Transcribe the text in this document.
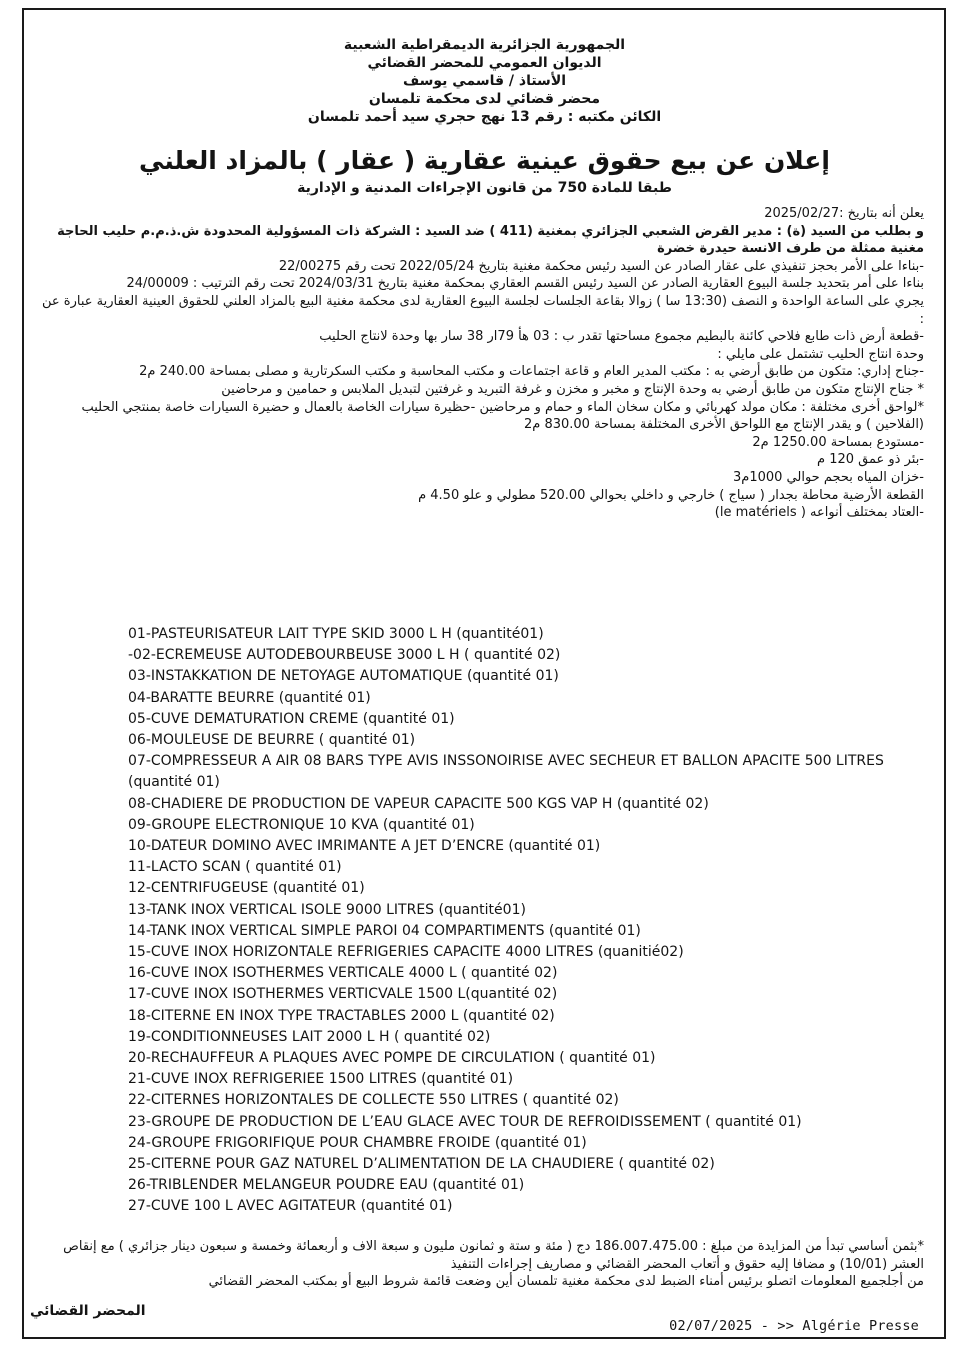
الجمهورية الجزائرية الديمقراطية الشعبية
الديوان العمومي للمحضر القضائي
الأستاذ / قاسمي يوسف
محضر قضائي لدى محكمة تلمسان
الكائن مكتبه : رقم 13 نهج حجري سيد أحمد تلمسان
إعلان عن بيع حقوق عينية عقارية ( عقار ) بالمزاد العلني
طبقا للمادة 750 من قانون الإجراءات المدنية و الإدارية

يعلن أنه بتاريخ :2025/02/27

و بطلب من السيد (ة) : مدير القرض الشعبي الجزائري بمغنية (411 ) ضد السيد : الشركة ذات المسؤولية المحدودة ش.ذ.م.م حليب الحاجة مغنية ممثلة من طرف الانسة حيدرة خضرة

-بناءا على الأمر بحجز تنفيذي على عقار الصادر عن السيد رئيس محكمة مغنية بتاريخ 2022/05/24 تحت رقم 22/00275

بناءا على أمر بتحديد جلسة البيوع العقارية الصادر عن السيد رئيس القسم العقاري بمحكمة مغنية بتاريخ 2024/03/31 تحت رقم الترتيب : 24/00009

يجري على الساعة الواحدة و النصف (13:30 سا ) زوالا بقاعة الجلسات لجلسة البيوع العقارية لدى محكمة مغنية البيع بالمزاد العلني للحقوق العينية العقارية عبارة عن :

-قطعة أرض ذات طابع فلاحي كائنة بالبطيم مجموع مساحتها تقدر ب : 03 هأ 79ار 38 سار بها وحدة لانتاج الحليب

وحدة انتاج الحليب تشتمل على مايلي :

-جناح إداري: متكون من طابق أرضي به : مكتب المدير العام و قاعة اجتماعات و مكتب المحاسبة و مكتب السكرتارية و مصلى بمساحة 240.00 م2

* جناح الإنتاج متكون من طابق أرضي به وحدة الإنتاج و مخبر و مخزن و غرفة التبريد و غرفتين لتبديل الملابس و حمامين و مرحاضين

*لواحق أخرى مختلفة : مكان مولد كهربائي و مكان سخان الماء و حمام و مرحاضين -حظيرة سيارات الخاصة بالعمال و حضيرة السيارات خاصة بمنتجي الحليب (الفلاحين ) و يقدر الإنتاج مع اللواحق الأخرى المختلفة بمساحة 830.00 م2

-مستودع بمساحة 1250.00 م2

-بئر ذو عمق 120 م

-خزان المياه بحجم حوالي 1000م3

القطعة الأرضية محاطة بجدار ( سياج ) خارجي و داخلي بحوالي 520.00 مطولي و علو 4.50 م

-العتاد بمختلف أنواعه ( le matériels)

01-PASTEURISATEUR LAIT TYPE SKID 3000 L H (quantité01)
-02-ECREMEUSE AUTODEBOURBEUSE 3000 L H ( quantité 02)
03-INSTAKKATION DE NETOYAGE AUTOMATIQUE (quantité 01)
04-BARATTE BEURRE (quantité 01)
05-CUVE DEMATURATION CREME (quantité 01)
06-MOULEUSE DE BEURRE ( quantité 01)
07-COMPRESSEUR A AIR 08 BARS TYPE AVIS INSSONOIRISE AVEC SECHEUR ET BALLON APACITE 500 LITRES (quantité 01)
08-CHADIERE DE PRODUCTION DE VAPEUR CAPACITE 500 KGS VAP H (quantité 02)
09-GROUPE ELECTRONIQUE 10 KVA (quantité 01)
10-DATEUR DOMINO AVEC IMRIMANTE A JET D’ENCRE (quantité 01)
11-LACTO SCAN ( quantité 01)
12-CENTRIFUGEUSE (quantité 01)
13-TANK INOX VERTICAL ISOLE 9000 LITRES (quantité01)
14-TANK INOX VERTICAL SIMPLE PAROI 04 COMPARTIMENTS (quantité 01)
15-CUVE INOX HORIZONTALE REFRIGERIES CAPACITE 4000 LITRES (quanitié02)
16-CUVE INOX ISOTHERMES VERTICALE 4000 L ( quantité 02)
17-CUVE INOX ISOTHERMES VERTICVALE 1500 L(quantité 02)
18-CITERNE EN INOX TYPE TRACTABLES 2000 L (quantité 02)
19-CONDITIONNEUSES LAIT 2000 L H ( quantité 02)
20-RECHAUFFEUR A PLAQUES AVEC POMPE DE CIRCULATION ( quantité 01)
21-CUVE INOX REFRIGERIEE 1500 LITRES (quantité 01)
22-CITERNES HORIZONTALES DE COLLECTE 550 LITRES ( quantité 02)
23-GROUPE DE PRODUCTION DE L’EAU GLACE AVEC TOUR DE REFROIDISSEMENT ( quantité 01)
24-GROUPE FRIGORIFIQUE POUR CHAMBRE FROIDE (quantité 01)
25-CITERNE POUR GAZ NATUREL D’ALIMENTATION DE LA CHAUDIERE ( quantité 02)
26-TRIBLENDER MELANGEUR POUDRE EAU (quantité 01)
27-CUVE 100 L AVEC AGITATEUR (quantité 01)
*بثمن أساسي تبدأ من المزايدة من مبلغ : 186.007.475.00 دج ( مئة و ستة و ثمانون مليون و سبعة الاف و أربعمائة وخمسة و سبعون دينار جزائري ) مع إنقاص العشر (10/01) و مضافا إليه حقوق و أتعاب المحضر القضائي و مصاريف إجراءات التنفيذ
من أجلجميع المعلومات اتصلو برئيس أمناء الضبط لدى محكمة مغنية تلمسان أين وضعت قائمة شروط البيع أو بمكتب المحضر القضائي
المحضر القضائي
02/07/2025 - >> Algérie Presse
